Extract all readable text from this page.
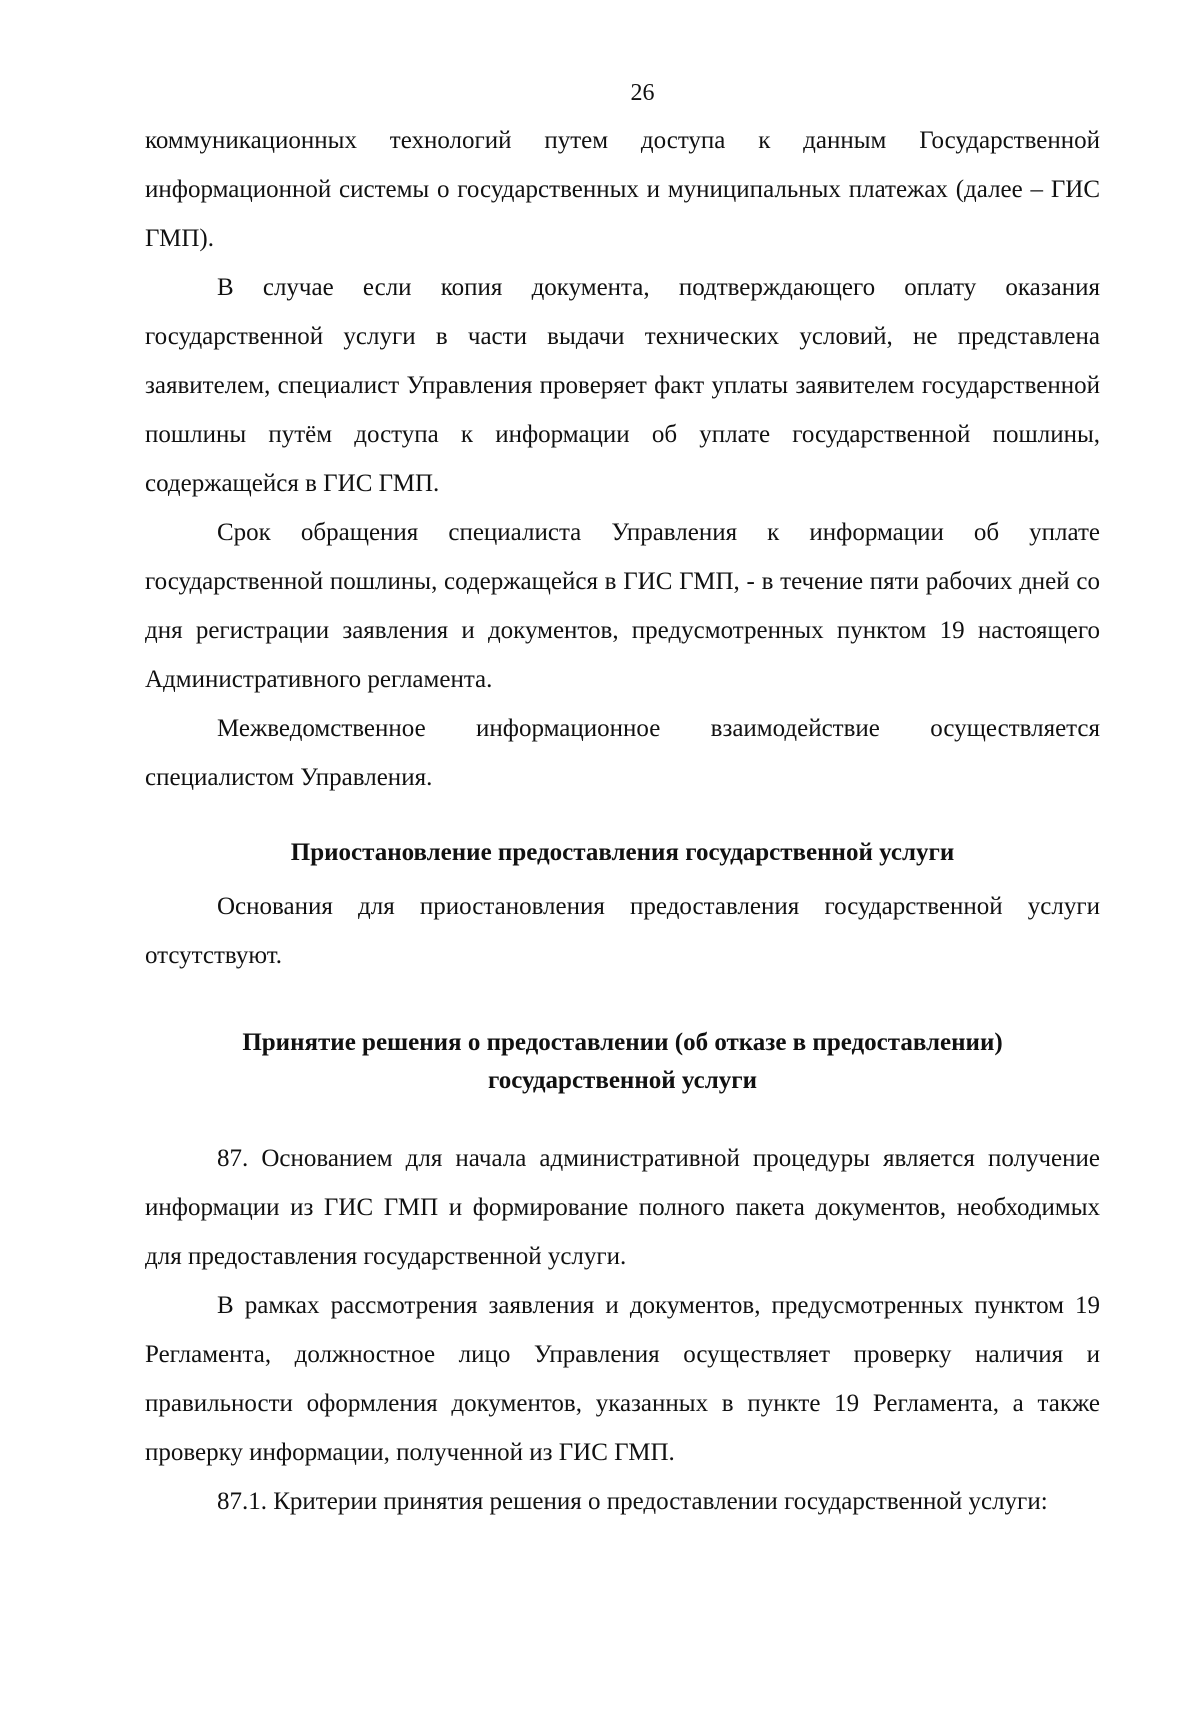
26

коммуникационных технологий путем доступа к данным Государственной информационной системы о государственных и муниципальных платежах (далее – ГИС ГМП).

В случае если копия документа, подтверждающего оплату оказания государственной услуги в части выдачи технических условий, не представлена заявителем, специалист Управления проверяет факт уплаты заявителем государственной пошлины путём доступа к информации об уплате государственной пошлины, содержащейся в ГИС ГМП.

Срок обращения специалиста Управления к информации об уплате государственной пошлины, содержащейся в ГИС ГМП, - в течение пяти рабочих дней со дня регистрации заявления и документов, предусмотренных пунктом 19 настоящего Административного регламента.

Межведомственное информационное взаимодействие осуществляется специалистом Управления.

Приостановление предоставления государственной услуги

Основания для приостановления предоставления государственной услуги отсутствуют.

Принятие решения о предоставлении (об отказе в предоставлении)
государственной услуги

87. Основанием для начала административной процедуры является получение информации из ГИС ГМП и формирование полного пакета документов, необходимых для предоставления государственной услуги.

В рамках рассмотрения заявления и документов, предусмотренных пунктом 19 Регламента, должностное лицо Управления осуществляет проверку наличия и правильности оформления документов, указанных в пункте 19 Регламента, а также проверку информации, полученной из ГИС ГМП.

87.1. Критерии принятия решения о предоставлении государственной услуги:
